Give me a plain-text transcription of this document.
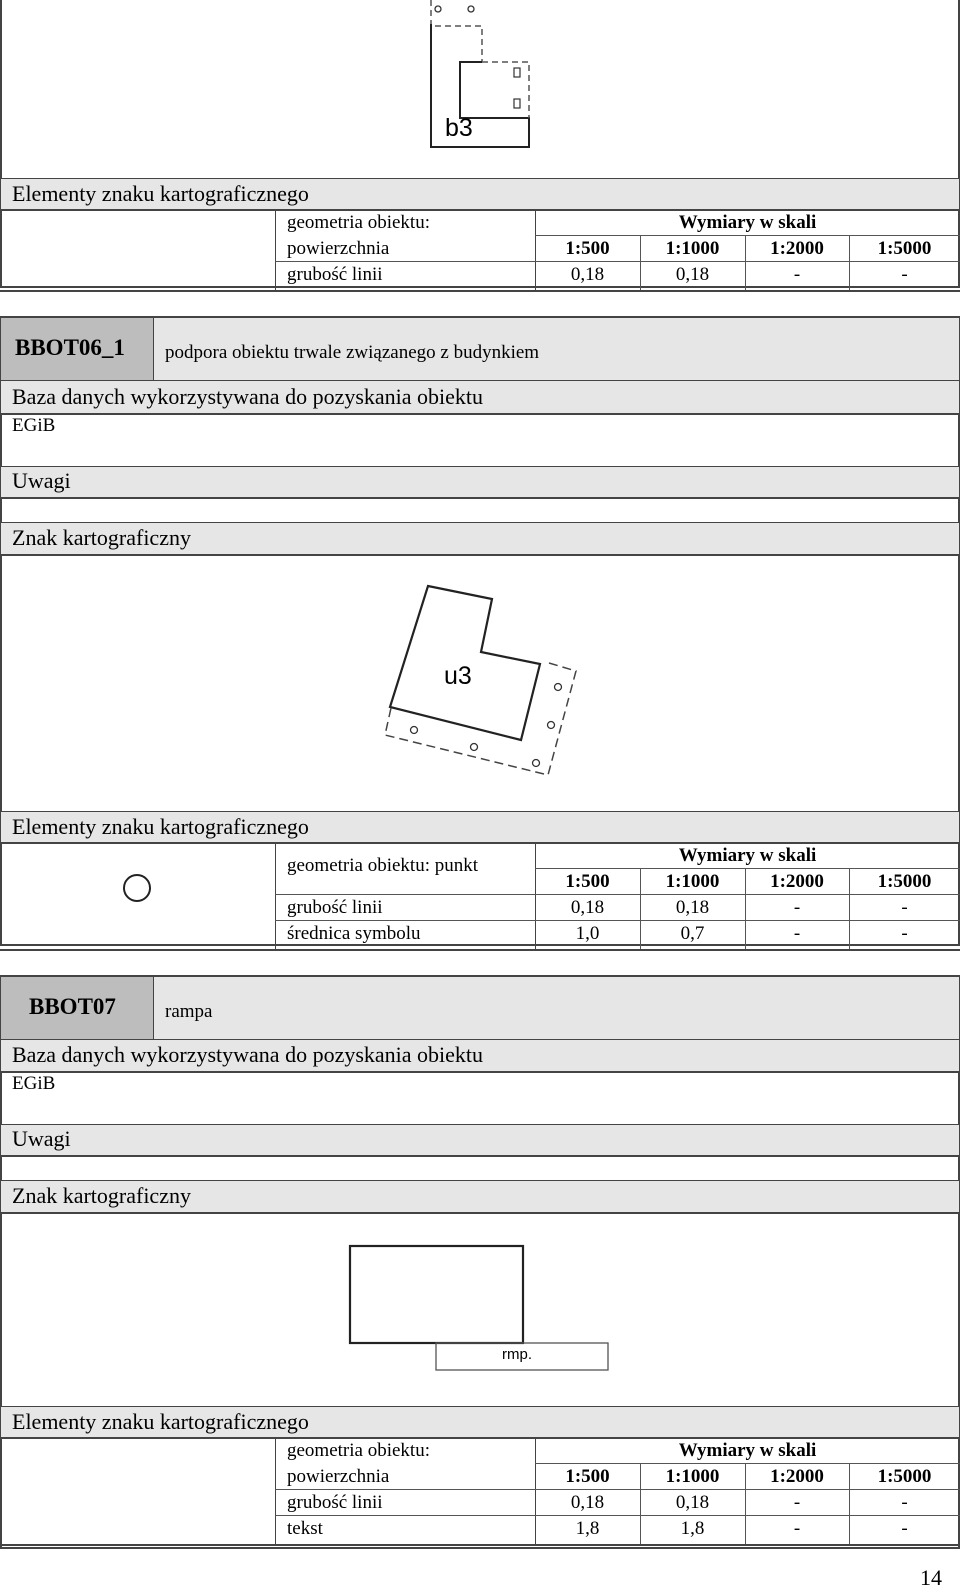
b3
Elementy znaku kartograficznego
geometria obiektu:	Wymiary w skali
powierzchnia	1:500	1:1000	1:2000	1:5000
grubość linii	0,18	0,18	-	-
BBOT06_1 podpora obiektu trwale związanego z budynkiem
Baza danych wykorzystywana do pozyskania obiektu
EGiB
Uwagi
Znak kartograficzny
u3
Elementy znaku kartograficznego
geometria obiektu: punkt	Wymiary w skali
1:500	1:1000	1:2000	1:5000
grubość linii	0,18	0,18	-	-
średnica symbolu	1,0	0,7	-	-
BBOT07	rampa
Baza danych wykorzystywana do pozyskania obiektu
EGiB
Uwagi
Znak kartograficzny
rmp.
Elementy znaku kartograficznego
geometria obiektu:	Wymiary w skali
powierzchnia	1:500	1:1000	1:2000	1:5000
grubość linii	0,18	0,18	-	-
tekst	1,8	1,8	-	-
14
